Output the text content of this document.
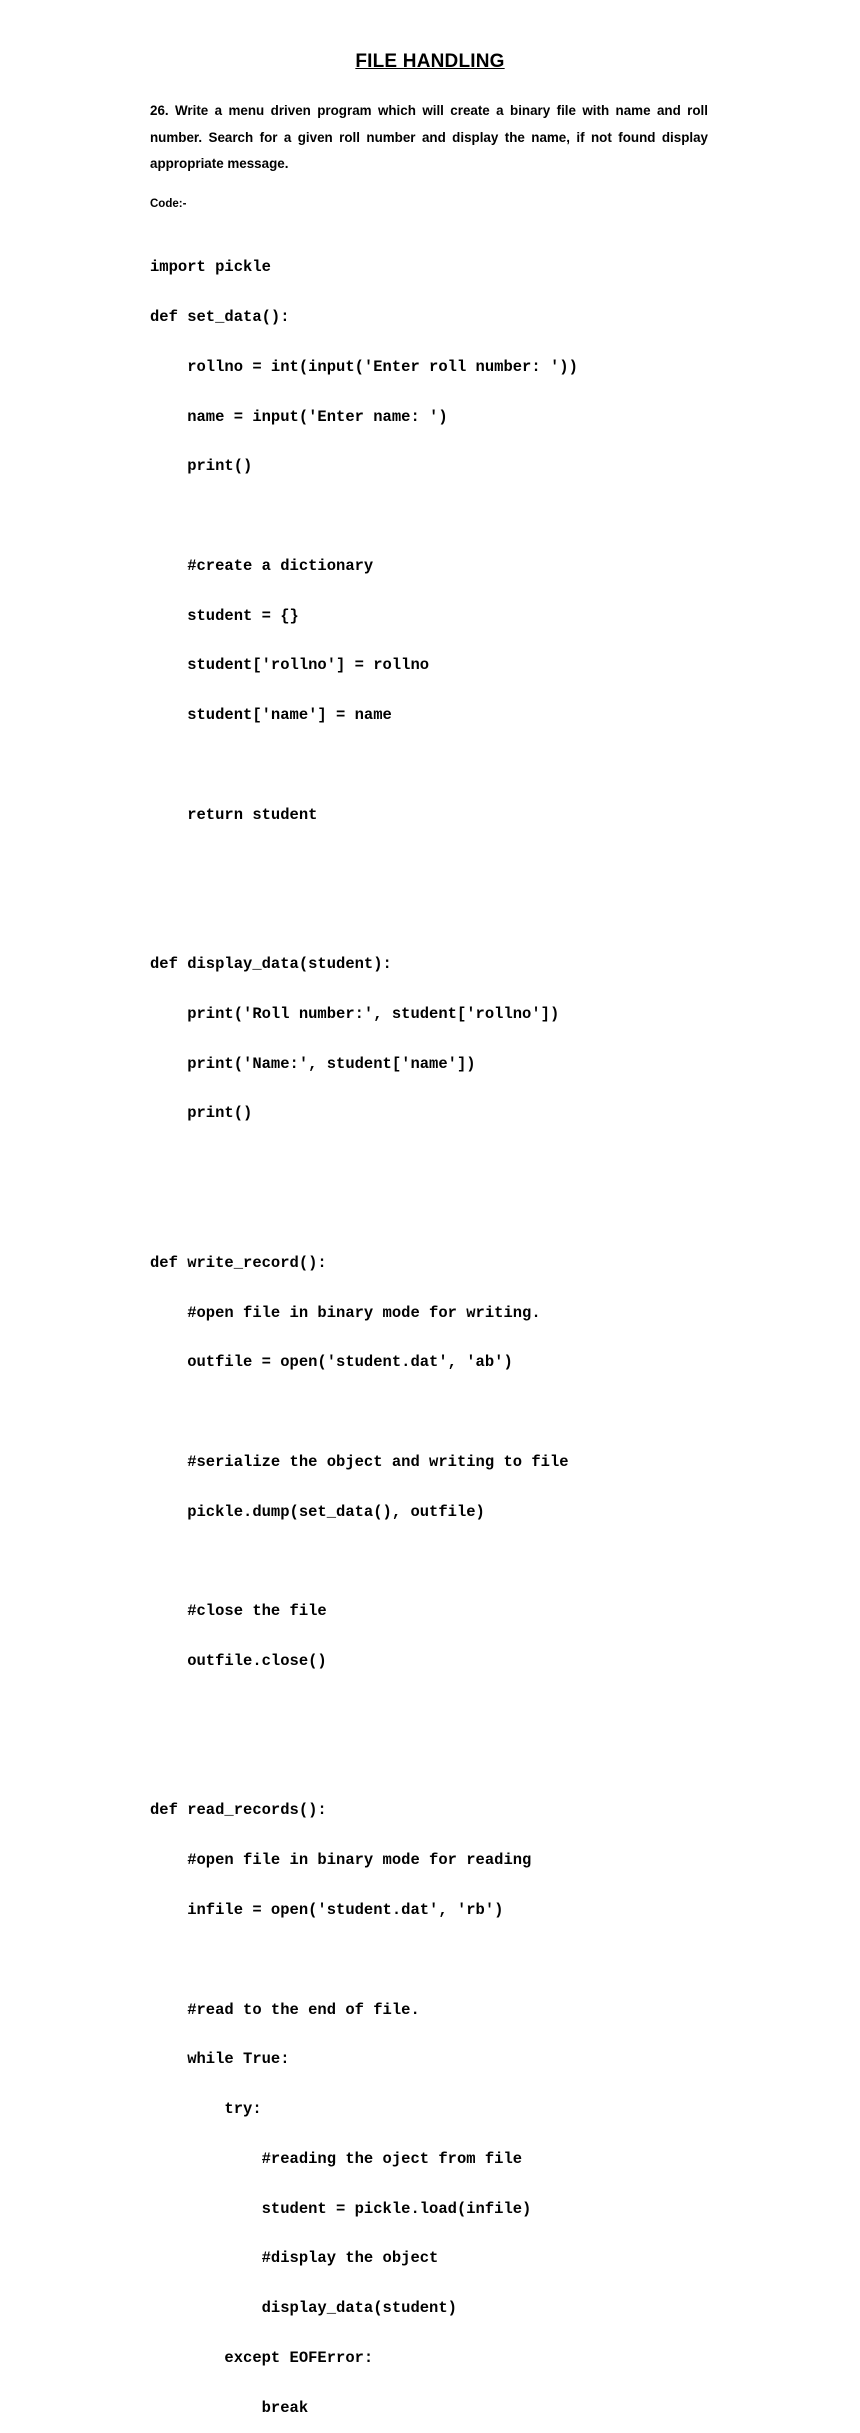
FILE HANDLING

26. Write a menu driven program which will create a binary file with name and roll number. Search for a given roll number and display the name, if not found display appropriate message.

Code:-

import pickle

def set_data():

rollno = int(input('Enter roll number: '))

name = input('Enter name: ')

print()

#create a dictionary

student = {}

student['rollno'] = rollno

student['name'] = name

return student

def display_data(student):

print('Roll number:', student['rollno'])

print('Name:', student['name'])

print()

def write_record():

#open file in binary mode for writing.

outfile = open('student.dat', 'ab')

#serialize the object and writing to file

pickle.dump(set_data(), outfile)

#close the file

outfile.close()

def read_records():

#open file in binary mode for reading

infile = open('student.dat', 'rb')

#read to the end of file.

while True:

try:

#reading the oject from file

student = pickle.load(infile)

#display the object

display_data(student)

except EOFError:

break
